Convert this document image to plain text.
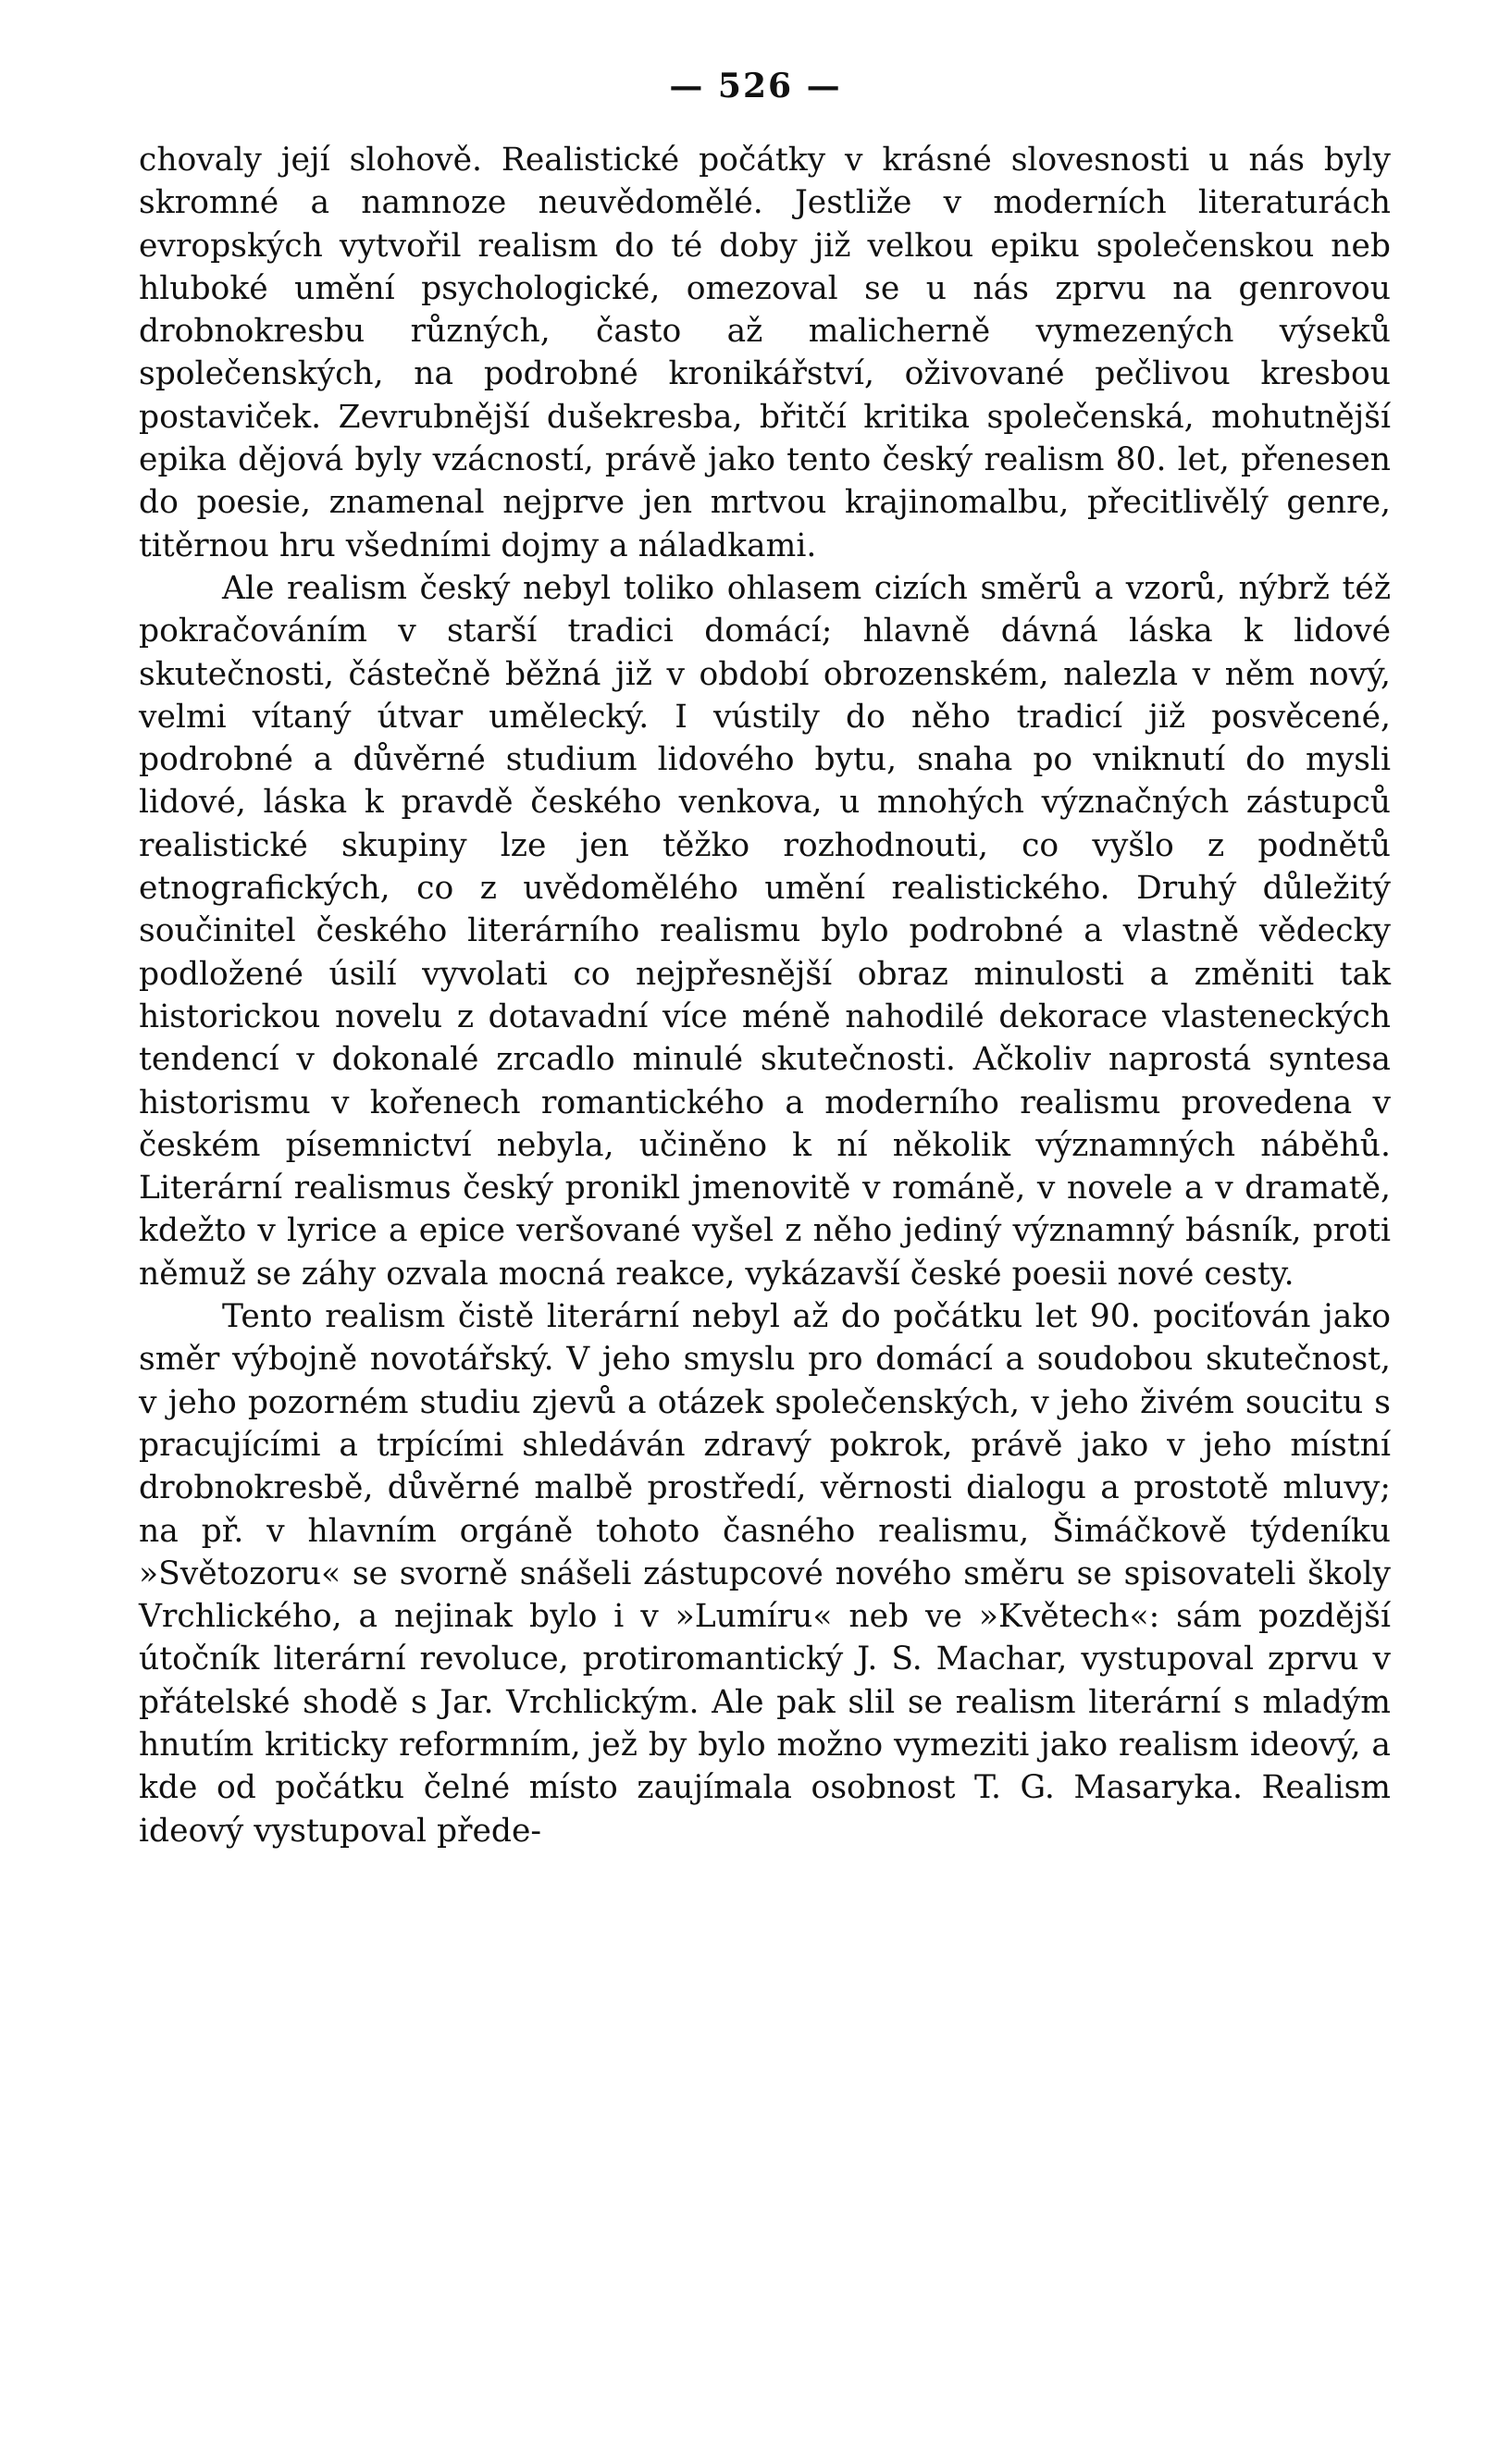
— 526 —

chovaly její slohově. Realistické počátky v krásné slovesnosti u nás byly skromné a namnoze neuvědomělé. Jestliže v moderních literaturách evropských vytvořil realism do té doby již velkou epiku společenskou neb hluboké umění psychologické, omezoval se u nás zprvu na genrovou drobnokresbu různých, často až malicherně vymezených výseků společenských, na podrobné kronikářství, oživované pečlivou kresbou postaviček. Zevrubnější dušekresba, břitčí kritika společenská, mohutnější epika dějová byly vzácností, právě jako tento český realism 80. let, přenesen do poesie, znamenal nejprve jen mrtvou krajinomalbu, přecitlivělý genre, titěrnou hru všedními dojmy a náladkami.

Ale realism český nebyl toliko ohlasem cizích směrů a vzorů, nýbrž též pokračováním v starší tradici domácí; hlavně dávná láska k lidové skutečnosti, částečně běžná již v období obrozenském, nalezla v něm nový, velmi vítaný útvar umělecký. I vústily do něho tradicí již posvěcené, podrobné a důvěrné studium lidového bytu, snaha po vniknutí do mysli lidové, láska k pravdě českého venkova, u mnohých význačných zástupců realistické skupiny lze jen těžko rozhodnouti, co vyšlo z podnětů etnografických, co z uvědomělého umění realistického. Druhý důležitý součinitel českého literárního realismu bylo podrobné a vlastně vědecky podložené úsilí vyvolati co nejpřesnější obraz minulosti a změniti tak historickou novelu z dotavadní více méně nahodilé dekorace vlasteneckých tendencí v dokonalé zrcadlo minulé skutečnosti. Ačkoliv naprostá syntesa historismu v kořenech romantického a moderního realismu provedena v českém písemnictví nebyla, učiněno k ní několik významných náběhů. Literární realismus český pronikl jmenovitě v románě, v novele a v dramatě, kdežto v lyrice a epice veršované vyšel z něho jediný významný básník, proti němuž se záhy ozvala mocná reakce, vykázavší české poesii nové cesty.

Tento realism čistě literární nebyl až do počátku let 90. pociťován jako směr výbojně novotářský. V jeho smyslu pro domácí a soudobou skutečnost, v jeho pozorném studiu zjevů a otázek společenských, v jeho živém soucitu s pracujícími a trpícími shledáván zdravý pokrok, právě jako v jeho místní drobnokresbě, důvěrné malbě prostředí, věrnosti dialogu a prostotě mluvy; na př. v hlavním orgáně tohoto časného realismu, Šimáčkově týdeníku »Světozoru« se svorně snášeli zástupcové nového směru se spisovateli školy Vrchlického, a nejinak bylo i v »Lumíru« neb ve »Květech«: sám pozdější útočník literární revoluce, protiromantický J. S. Machar, vystupoval zprvu v přátelské shodě s Jar. Vrchlickým. Ale pak slil se realism literární s mladým hnutím kriticky reformním, jež by bylo možno vymeziti jako realism ideový, a kde od počátku čelné místo zaujímala osobnost T. G. Masaryka. Realism ideový vystupoval přede-
